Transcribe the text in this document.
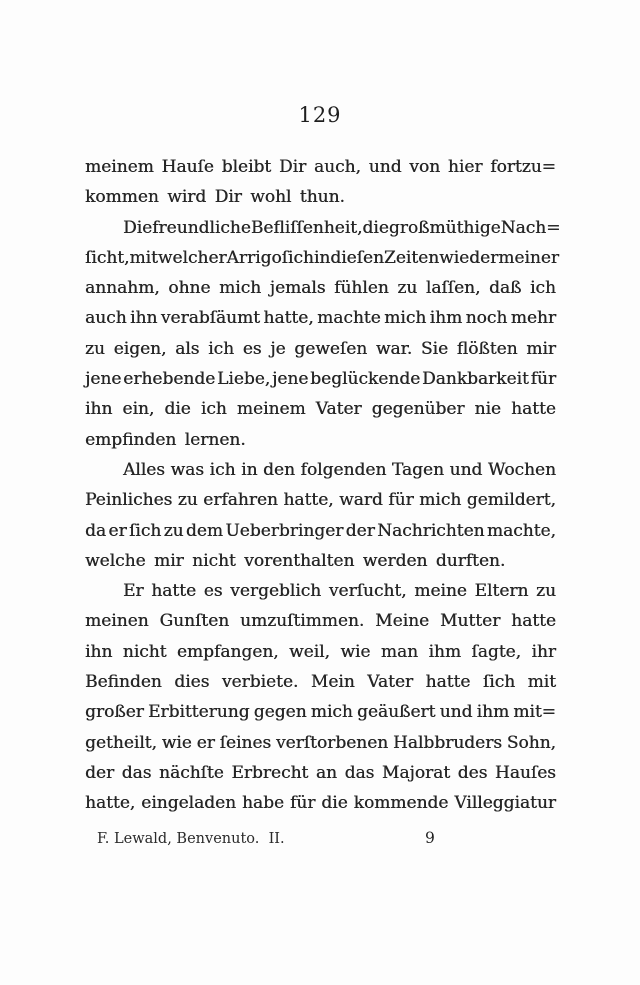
129
meinem Hauſe bleibt Dir auch, und von hier fortzu=
kommen wird Dir wohl thun.
Die freundliche Befliſſenheit, die großmüthige Nach=
ſicht, mit welcher Arrigo ſich in dieſen Zeiten wieder meiner
annahm, ohne mich jemals fühlen zu laſſen, daß ich
auch ihn verabſäumt hatte, machte mich ihm noch mehr
zu eigen, als ich es je geweſen war. Sie flößten mir
jene erhebende Liebe, jene beglückende Dankbarkeit für
ihn ein, die ich meinem Vater gegenüber nie hatte
empfinden lernen.
Alles was ich in den folgenden Tagen und Wochen
Peinliches zu erfahren hatte, ward für mich gemildert,
da er ſich zu dem Ueberbringer der Nachrichten machte,
welche mir nicht vorenthalten werden durften.
Er hatte es vergeblich verſucht, meine Eltern zu
meinen Gunſten umzuſtimmen. Meine Mutter hatte
ihn nicht empfangen, weil, wie man ihm ſagte, ihr
Befinden dies verbiete. Mein Vater hatte ſich mit
großer Erbitterung gegen mich geäußert und ihm mit=
getheilt, wie er ſeines verſtorbenen Halbbruders Sohn,
der das nächſte Erbrecht an das Majorat des Hauſes
hatte, eingeladen habe für die kommende Villeggiatur
F. Lewald, Benvenuto.  II.	9
